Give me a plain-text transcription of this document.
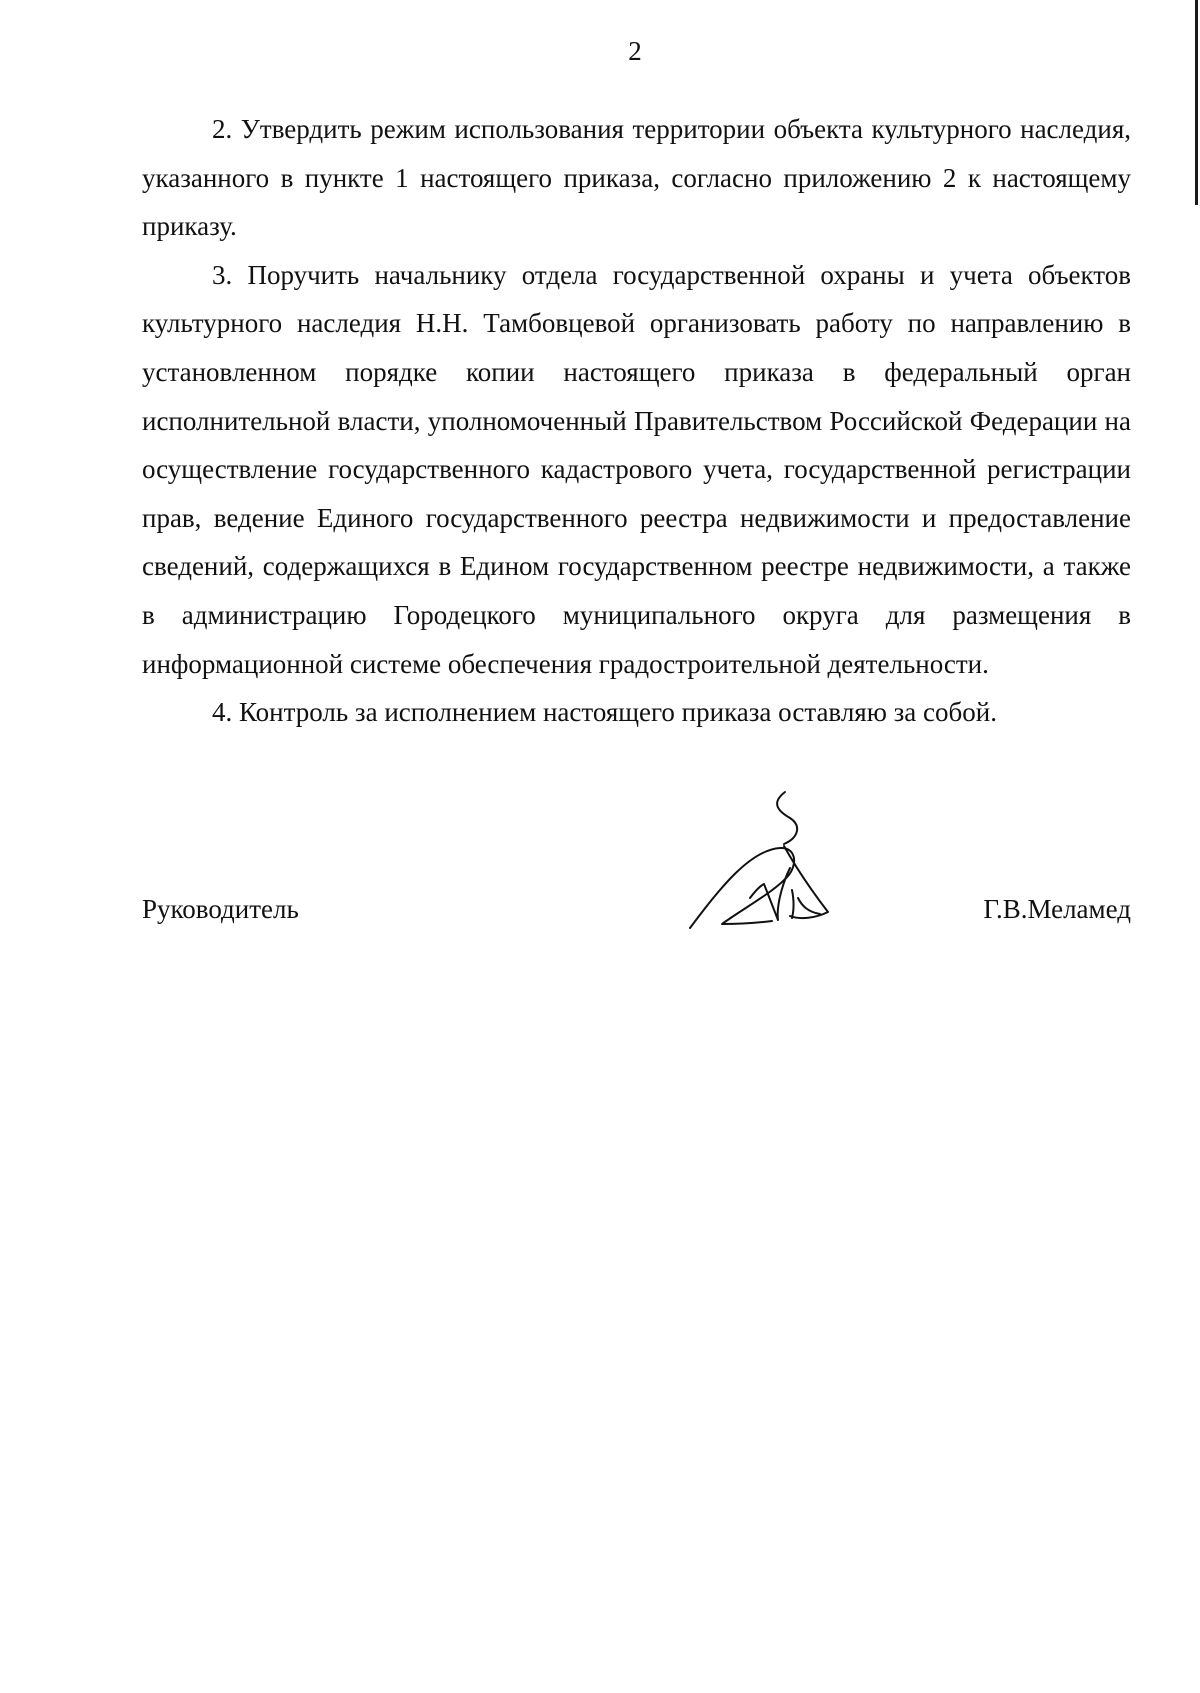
2

2. Утвердить режим использования территории объекта культурного наследия, указанного в пункте 1 настоящего приказа, согласно приложению 2 к настоящему приказу.

3. Поручить начальнику отдела государственной охраны и учета объектов культурного наследия Н.Н. Тамбовцевой организовать работу по направлению в установленном порядке копии настоящего приказа в федеральный орган исполнительной власти, уполномоченный Правительством Российской Федерации на осуществление государственного кадастрового учета, государственной регистрации прав, ведение Единого государственного реестра недвижимости и предоставление сведений, содержащихся в Едином государственном реестре недвижимости, а также в администрацию Городецкого муниципального округа для размещения в информационной системе обеспечения градостроительной деятельности.

4. Контроль за исполнением настоящего приказа оставляю за собой.

Руководитель	Г.В.Меламед
